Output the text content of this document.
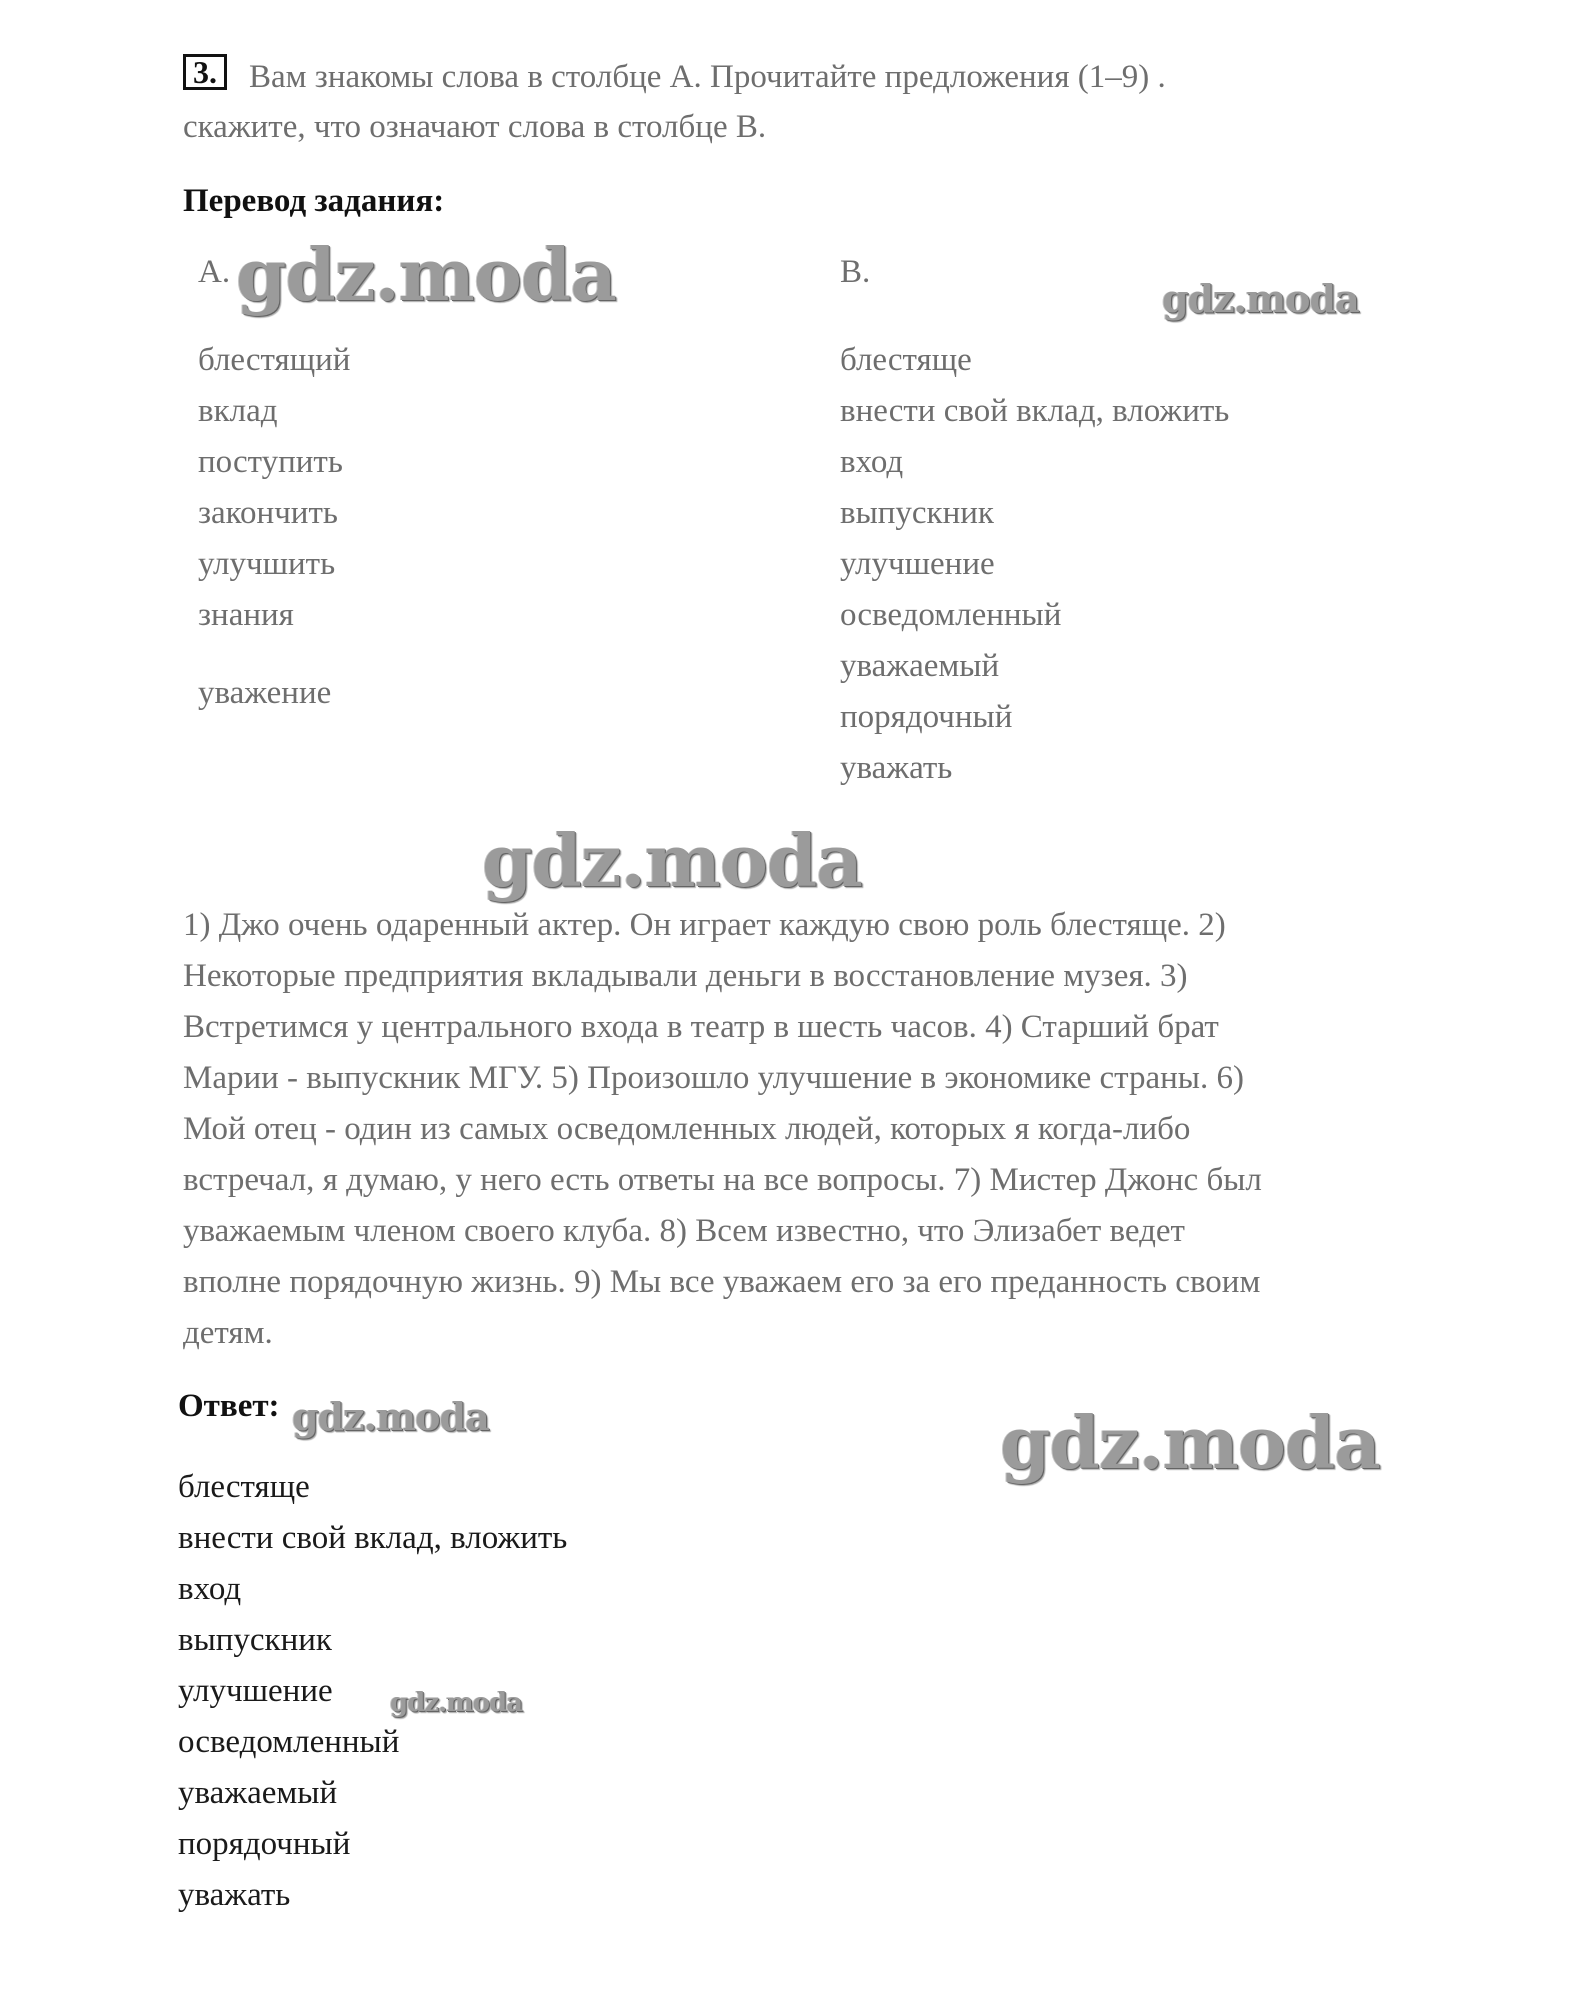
3. Вам знакомы слова в столбце А. Прочитайте предложения (1–9) .
скажите, что означают слова в столбце В.
Перевод задания:
А.
блестящий
вклад
поступить
закончить
улучшить
знания
уважение
В.
блестяще
внести свой вклад, вложить
вход
выпускник
улучшение
осведомленный
уважаемый
порядочный
уважать
1) Джо очень одаренный актер. Он играет каждую свою роль блестяще. 2)
Некоторые предприятия вкладывали деньги в восстановление музея. 3)
Встретимся у центрального входа в театр в шесть часов. 4) Старший брат
Марии - выпускник МГУ. 5) Произошло улучшение в экономике страны. 6)
Мой отец - один из самых осведомленных людей, которых я когда-либо
встречал, я думаю, у него есть ответы на все вопросы. 7) Мистер Джонс был
уважаемым членом своего клуба. 8) Всем известно, что Элизабет ведет
вполне порядочную жизнь. 9) Мы все уважаем его за его преданность своим
детям.
Ответ:
блестяще
внести свой вклад, вложить
вход
выпускник
улучшение
осведомленный
уважаемый
порядочный
уважать
gdz.moda	gdz.moda
gdz.moda
gdz.moda	gdz.moda
gdz.moda
